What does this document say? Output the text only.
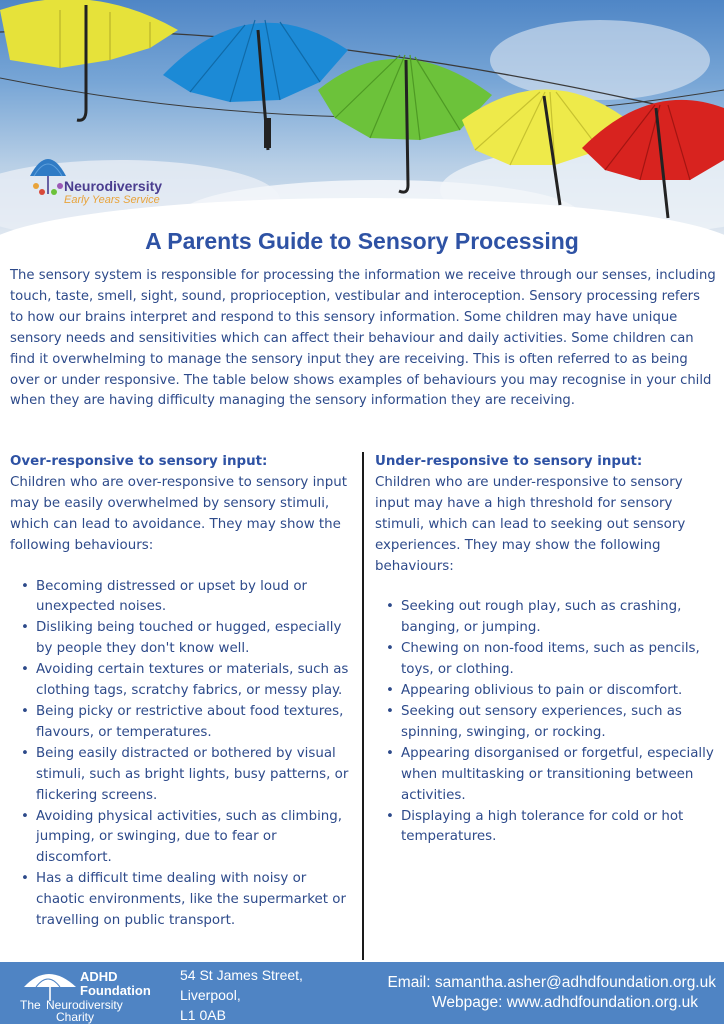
Neurodiversity
Early Years Service
A Parents Guide to Sensory Processing

The sensory system is responsible for processing the information we receive through our senses, including touch, taste, smell, sight, sound, proprioception, vestibular and interoception. Sensory processing refers to how our brains interpret and respond to this sensory information. Some children may have unique sensory needs and sensitivities which can affect their behaviour and daily activities. Some children can find it overwhelming to manage the sensory input they are receiving. This is often referred to as being over or under responsive. The table below shows examples of behaviours you may recognise in your child when they are having difficulty managing the sensory information they are receiving.

Over-responsive to sensory input:

Children who are over-responsive to sensory input may be easily overwhelmed by sensory stimuli, which can lead to avoidance. They may show the following behaviours:

• Becoming distressed or upset by loud or unexpected noises.
• Disliking being touched or hugged, especially by people they don't know well.
• Avoiding certain textures or materials, such as clothing tags, scratchy fabrics, or messy play.
• Being picky or restrictive about food textures, flavours, or temperatures.
• Being easily distracted or bothered by visual stimuli, such as bright lights, busy patterns, or flickering screens.
• Avoiding physical activities, such as climbing, jumping, or swinging, due to fear or discomfort.
• Has a difficult time dealing with noisy or chaotic environments, like the supermarket or travelling on public transport.
Under-responsive to sensory input:

Children who are under-responsive to sensory input may have a high threshold for sensory stimuli, which can lead to seeking out sensory experiences. They may show the following behaviours:

• Seeking out rough play, such as crashing, banging, or jumping.
• Chewing on non-food items, such as pencils, toys, or clothing.
• Appearing oblivious to pain or discomfort.
• Seeking out sensory experiences, such as spinning, swinging, or rocking.
• Appearing disorganised or forgetful, especially when multitasking or transitioning between activities.
• Displaying a high tolerance for cold or hot temperatures.
ADHD
Foundation
The Neurodiversity
Charity
54 St James Street,
Liverpool,
L1 0AB
Email: samantha.asher@adhdfoundation.org.uk
Webpage: www.adhdfoundation.org.uk
